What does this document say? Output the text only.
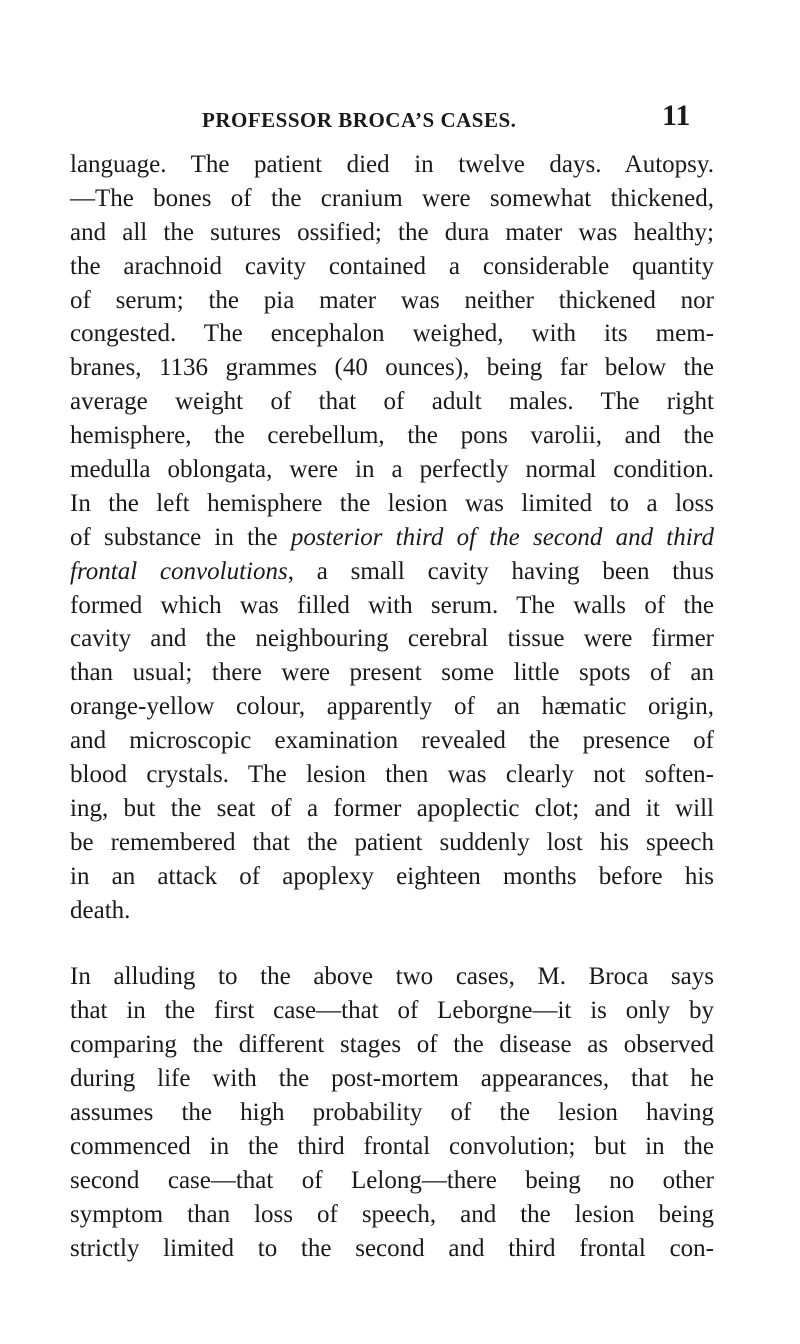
PROFESSOR BROCA’S CASES.	11
language. The patient died in twelve days. Autopsy.
—The bones of the cranium were somewhat thickened,
and all the sutures ossified; the dura mater was healthy;
the arachnoid cavity contained a considerable quantity
of serum; the pia mater was neither thickened nor
congested. The encephalon weighed, with its mem-
branes, 1136 grammes (40 ounces), being far below the
average weight of that of adult males. The right
hemisphere, the cerebellum, the pons varolii, and the
medulla oblongata, were in a perfectly normal condition.
In the left hemisphere the lesion was limited to a loss
of substance in the posterior third of the second and third
frontal convolutions, a small cavity having been thus
formed which was filled with serum. The walls of the
cavity and the neighbouring cerebral tissue were firmer
than usual; there were present some little spots of an
orange-yellow colour, apparently of an hæmatic origin,
and microscopic examination revealed the presence of
blood crystals. The lesion then was clearly not soften-
ing, but the seat of a former apoplectic clot; and it will
be remembered that the patient suddenly lost his speech
in an attack of apoplexy eighteen months before his
death.
In alluding to the above two cases, M. Broca says
that in the first case—that of Leborgne—it is only by
comparing the different stages of the disease as observed
during life with the post-mortem appearances, that he
assumes the high probability of the lesion having
commenced in the third frontal convolution; but in the
second case—that of Lelong—there being no other
symptom than loss of speech, and the lesion being
strictly limited to the second and third frontal con-
